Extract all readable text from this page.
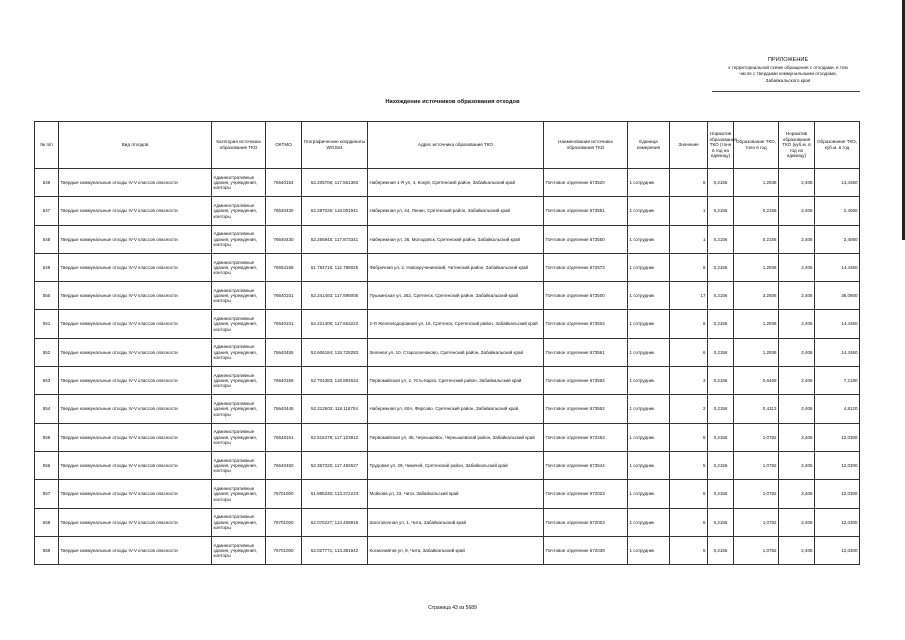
ПРИЛОЖЕНИЕ
к территориальной схеме обращения с отходами, в том
числе с твердыми коммунальными отходами,
Забайкальского края
Нахождение источников образования отходов
№ п/п	Вид отходов	Категория источника образования ТКО	ОКТМО	Географические координаты WGS84	Адрес источника образования ТКО	Наименование источника образования ТКО	Единица измерения	Значение	Норматив образования ТКО (тонн в год на единицу)	Образование ТКО, тонн в год	Норматив образования ТКО (куб.м. в год на единицу)	Образование ТКО, куб.м. в год
546	Твердые коммунальные отходы IV-V классов опасности	Административные здания, учреждения, конторы	76640154	52.205706; 117.561383	Набережная 1-Я ул, 4, Кокуй, Сретенский район, Забайкальский край	Почтовое отделение 673520	1 сотрудник	6	0,2156	1,2938	2,406	14,4360
547	Твердые коммунальные отходы IV-V классов опасности	Административные здания, учреждения, конторы	76640430	52.287026; 118.001941	Набережная ул, 44, Ленин, Сретенский район, Забайкальский край	Почтовое отделение 673551	1 сотрудник	1	0,2156	0,2156	2,406	2,4060
548	Твердые коммунальные отходы IV-V классов опасности	Административные здания, учреждения, конторы	76640430	52.266945; 117.873341	Набережная ул, 36, Молодовск, Сретенский район, Забайкальский край	Почтовое отделение 673550	1 сотрудник	1	0,2156	0,2156	2,406	2,4060
549	Твердые коммунальные отходы IV-V классов опасности	Административные здания, учреждения, конторы	76654158	51.794716; 112.788025	Фабричная ул, 2, Новокручининский, Читинский район, Забайкальский край	Почтовое отделение 672573	1 сотрудник	6	0,2156	1,2938	2,406	14,4360
550	Твердые коммунальные отходы IV-V классов опасности	Административные здания, учреждения, конторы	76640101	52.241483; 117.695005	Пушкинская ул, 262, Сретенск, Сретенский район, Забайкальский край	Почтовое отделение 673500	1 сотрудник	17	0,2156	3,2506	2,406	36,0900
551	Твердые коммунальные отходы IV-V классов опасности	Административные здания, учреждения, конторы	76640101	52.221306; 117.663222	2-Я Железнодорожная ул, 16, Сретенск, Сретенский район, Забайкальский край	Почтовое отделение 673504	1 сотрудник	6	0,2156	1,2938	2,406	14,4360
552	Твердые коммунальные отходы IV-V классов опасности	Административные здания, учреждения, конторы	76640455	52.606184; 118.725283	Зеленая ул, 10, Старолончаково, Сретенский район, Забайкальский край	Почтовое отделение 673561	1 сотрудник	6	0,2156	1,2938	2,406	14,4360
553	Твердые коммунальные отходы IV-V классов опасности	Административные здания, учреждения, конторы	76640156	52.704383; 118.894634	Первомайская ул, 2, Усть-Карск, Сретенский район, Забайкальский край	Почтовое отделение 673562	1 сотрудник	3	0,2156	0,6469	2,406	7,2180
554	Твердые коммунальные отходы IV-V классов опасности	Административные здания, учреждения, конторы	76640445	52.212602; 118.116704	Набережная ул, 60А, Фирсово, Сретенский район, Забайкальский край	Почтовое отделение 673552	1 сотрудник	2	0,2156	0,4313	2,406	4,8120
555	Твердые коммунальные отходы IV-V классов опасности	Административные здания, учреждения, конторы	76648151	52.515478; 117.103812	Первомайская ул, 35, Чернышевск, Чернышевский район, Забайкальский край	Почтовое отделение 673463	1 сотрудник	5	0,2156	1,0782	2,406	12,0300
556	Твердые коммунальные отходы IV-V классов опасности	Административные здания, учреждения, конторы	76640450	52.367320; 117.492627	Трудовая ул, 29, Чикичей, Сретенский район, Забайкальский край	Почтовое отделение 673544	1 сотрудник	5	0,2156	1,0782	2,406	12,0300
557	Твердые коммунальные отходы IV-V классов опасности	Административные здания, учреждения, конторы	76701000	51.985240; 113.372223	Мойкова ул, 23, Чита, Забайкальский край	Почтовое отделение 672023	1 сотрудник	5	0,2156	1,0782	2,406	12,0300
558	Твердые коммунальные отходы IV-V классов опасности	Административные здания, учреждения, конторы	76701000	52.076227; 113.459916	Заготовочная ул, 1, Чита, Забайкальский край	Почтовое отделение 672003	1 сотрудник	5	0,2156	1,0782	2,406	12,0300
559	Твердые коммунальные отходы IV-V классов опасности	Административные здания, учреждения, конторы	76701000	52.027771; 113.381942	Космонавтов ул, 8, Чита, Забайкальский край	Почтовое отделение 672039	1 сотрудник	5	0,2156	1,0782	2,406	12,0300
Страница 43 из 5689
